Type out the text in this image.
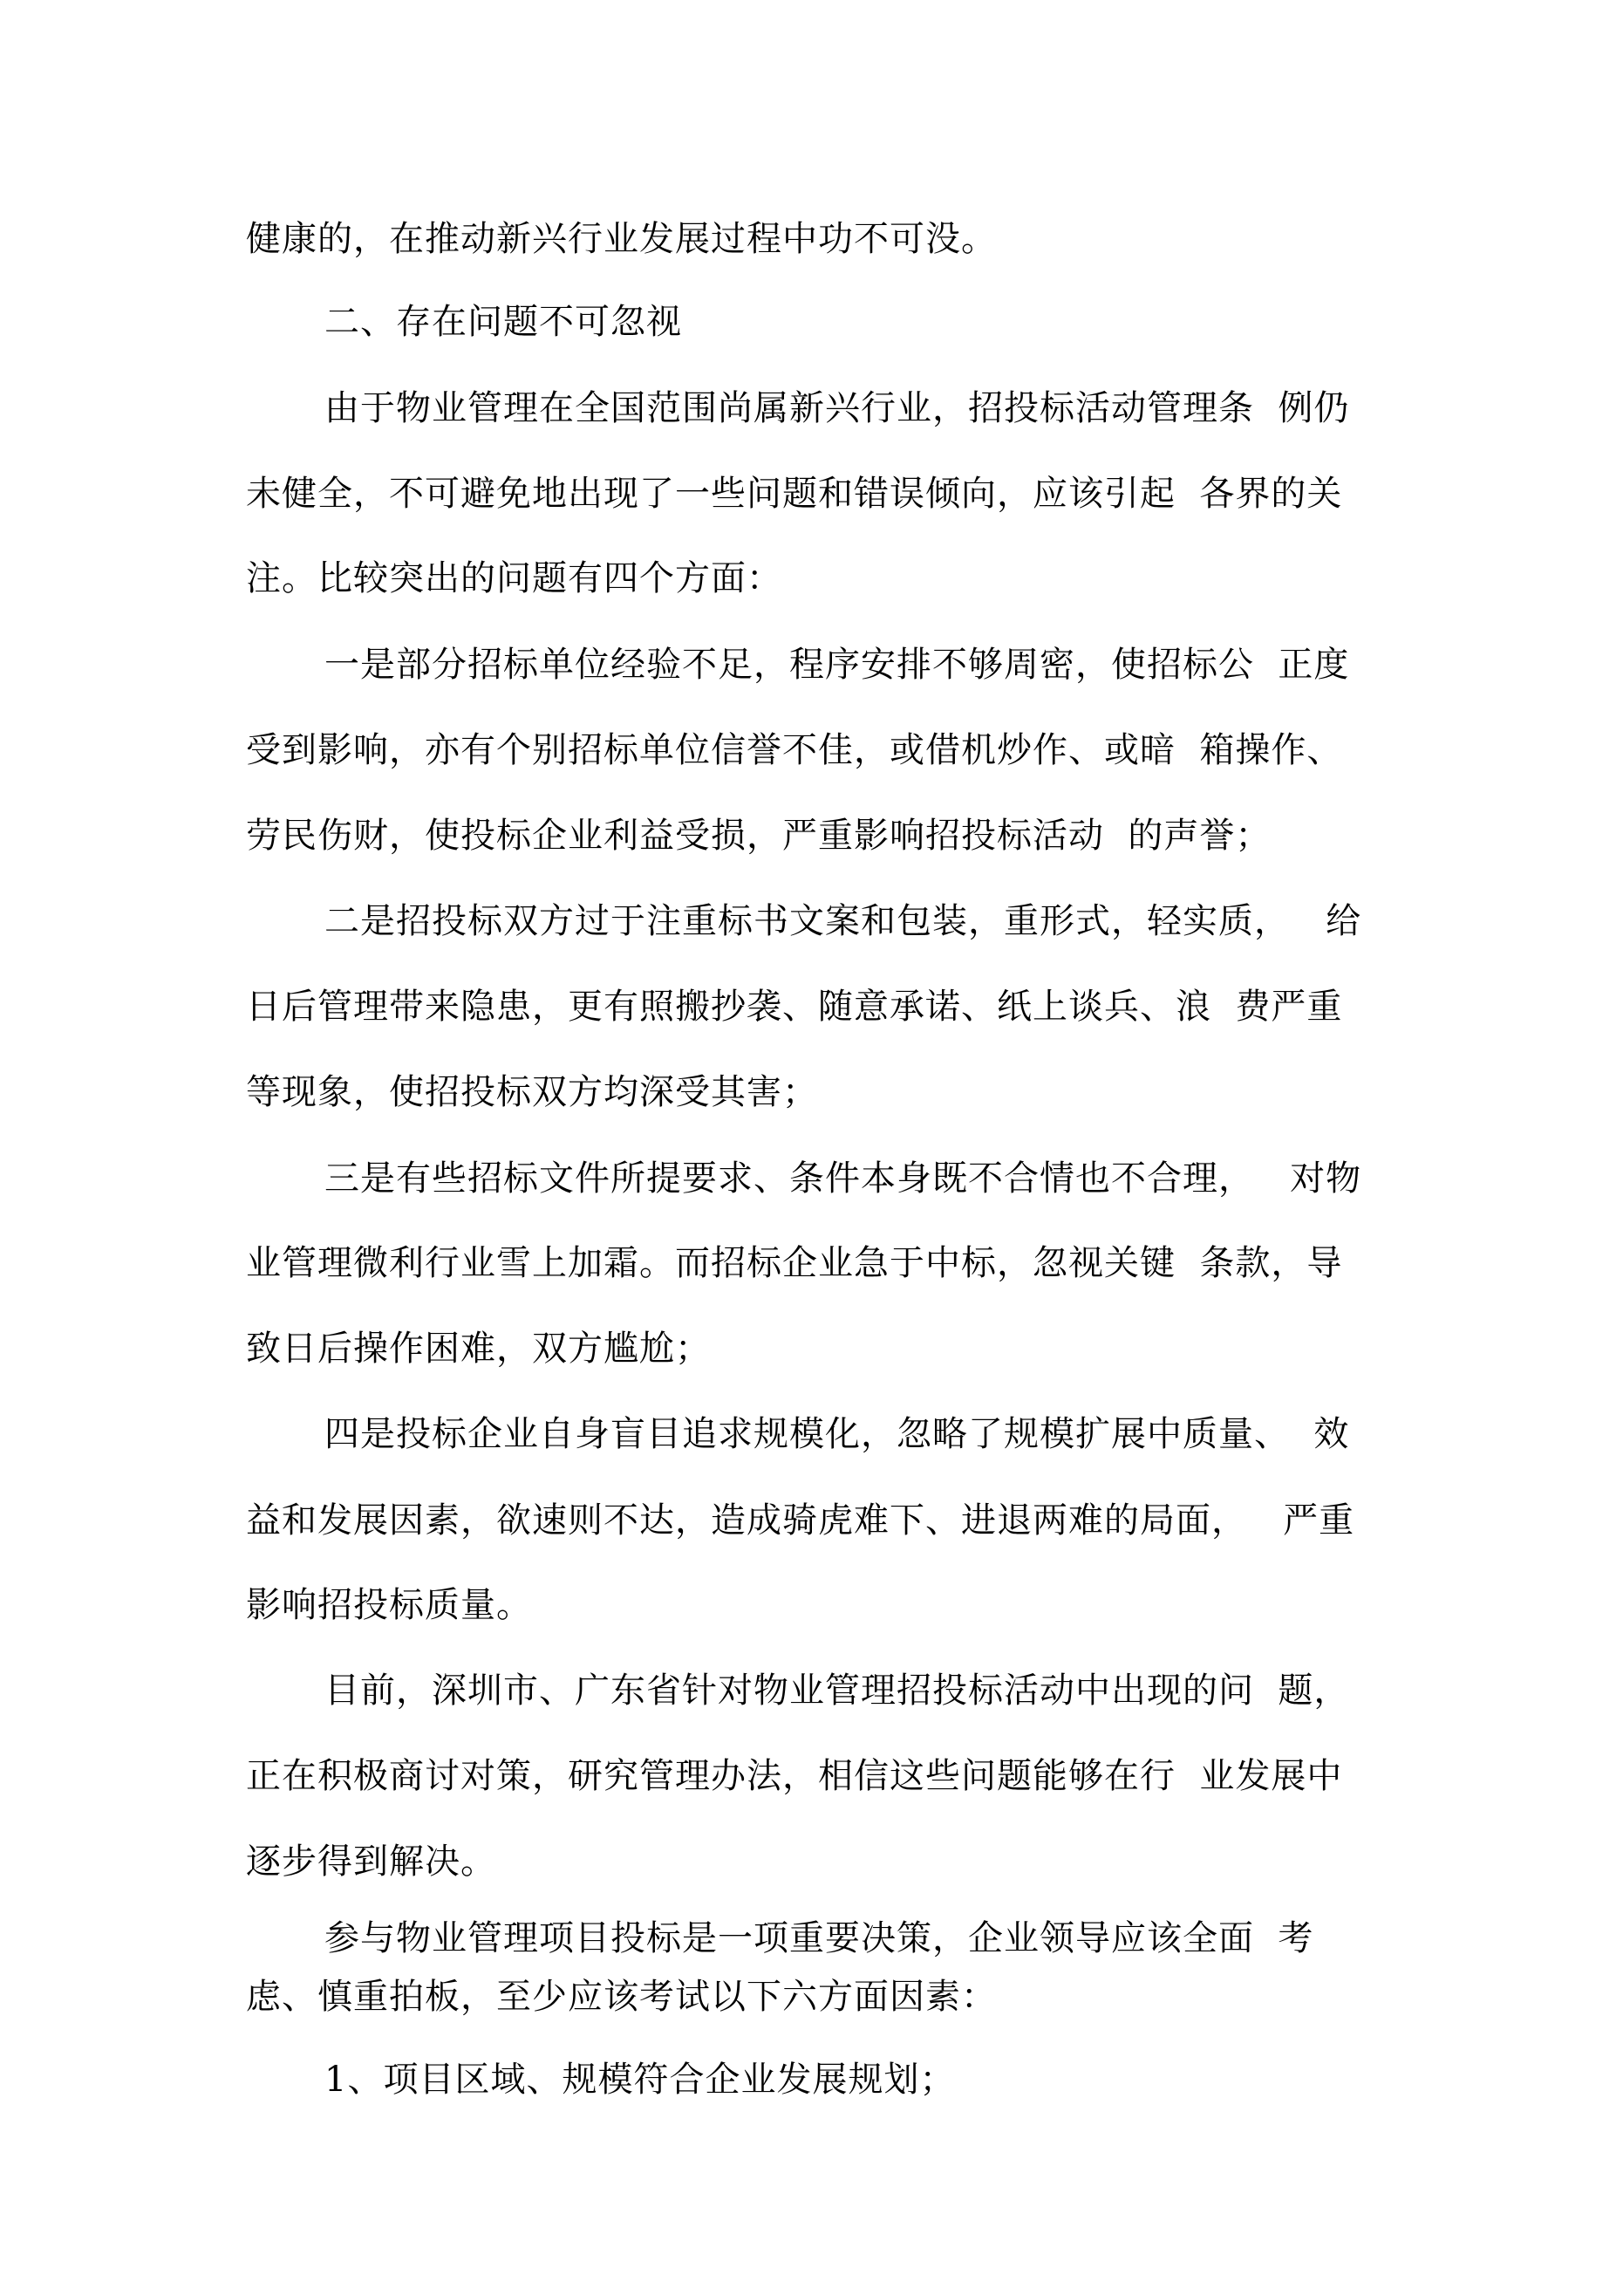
健康的，在推动新兴行业发展过程中功不可没。
二、存在问题不可忽视
由于物业管理在全国范围尚属新兴行业，招投标活动管理条  例仍
未健全，不可避免地出现了一些问题和错误倾向，应该引起  各界的关
注。比较突出的问题有四个方面：
一是部分招标单位经验不足，程序安排不够周密，使招标公  正度
受到影响，亦有个别招标单位信誉不佳，或借机炒作、或暗  箱操作、
劳民伤财，使投标企业利益受损，严重影响招投标活动  的声誉；
二是招投标双方过于注重标书文案和包装，重形式，轻实质，   给
日后管理带来隐患，更有照搬抄袭、随意承诺、纸上谈兵、浪  费严重
等现象，使招投标双方均深受其害；
三是有些招标文件所提要求、条件本身既不合情也不合理，   对物
业管理微利行业雪上加霜。而招标企业急于中标，忽视关键  条款，导
致日后操作困难，双方尴尬；
四是投标企业自身盲目追求规模化，忽略了规模扩展中质量、  效
益和发展因素，欲速则不达，造成骑虎难下、进退两难的局面，   严重
影响招投标质量。
目前，深圳市、广东省针对物业管理招投标活动中出现的问  题，
正在积极商讨对策，研究管理办法，相信这些问题能够在行  业发展中
逐步得到解决。
参与物业管理项目投标是一项重要决策，企业领导应该全面  考
虑、慎重拍板，至少应该考试以下六方面因素：
1、项目区域、规模符合企业发展规划；
